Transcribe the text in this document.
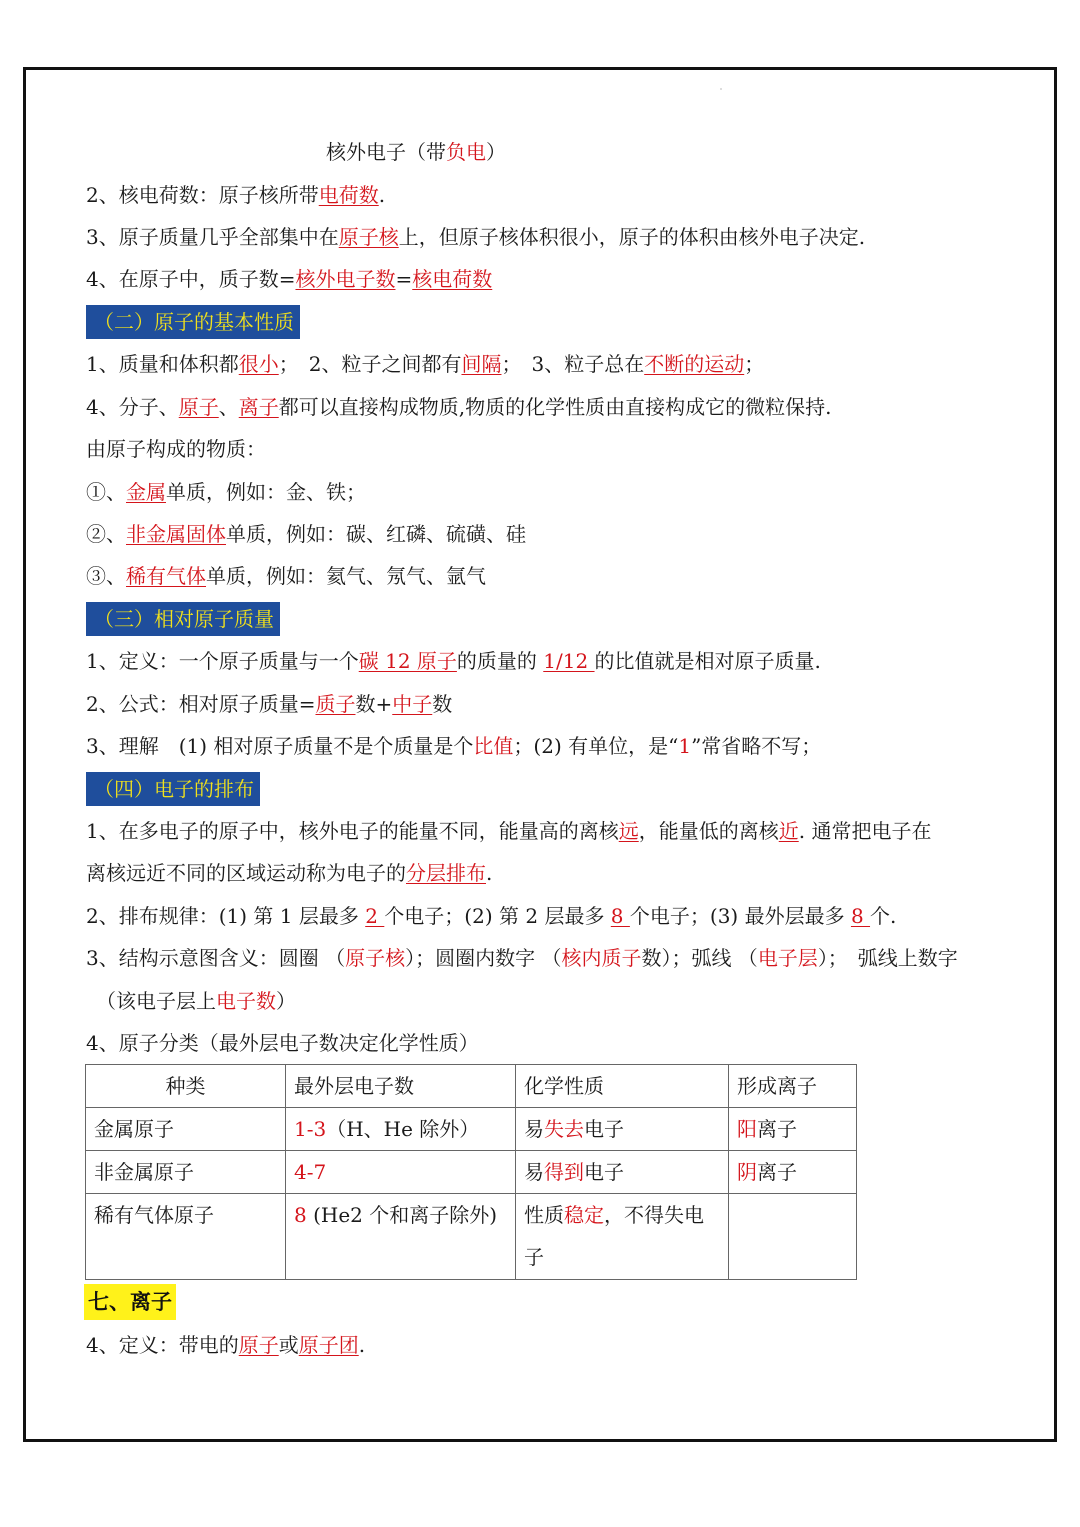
核外电子（带负电）
2、核电荷数：原子核所带电荷数.
3、原子质量几乎全部集中在原子核上，但原子核体积很小，原子的体积由核外电子决定.
4、在原子中，质子数=核外电子数=核电荷数
（二）原子的基本性质
1、质量和体积都很小；　2、粒子之间都有间隔；　3、粒子总在不断的运动；
4、分子、原子、离子都可以直接构成物质,物质的化学性质由直接构成它的微粒保持.
由原子构成的物质：
①、金属单质，例如：金、铁；
②、非金属固体单质，例如：碳、红磷、硫磺、硅
③、稀有气体单质，例如：氦气、氖气、氩气
（三）相对原子质量
1、定义：一个原子质量与一个碳 12 原子的质量的 1/12 的比值就是相对原子质量.
2、公式：相对原子质量=质子数+中子数
3、理解　(1) 相对原子质量不是个质量是个比值；(2) 有单位，是“1”常省略不写；
（四）电子的排布
1、在多电子的原子中，核外电子的能量不同，能量高的离核远，能量低的离核近. 通常把电子在
离核远近不同的区域运动称为电子的分层排布.
2、排布规律：(1) 第 1 层最多 2 个电子；(2) 第 2 层最多 8 个电子；(3) 最外层最多 8 个.
3、结构示意图含义：圆圈 （原子核）；圆圈内数字 （核内质子数）；弧线 （电子层）；　弧线上数字
（该电子层上电子数）
4、原子分类（最外层电子数决定化学性质）
种类	最外层电子数	化学性质	形成离子
金属原子	1-3（H、He 除外）	易失去电子	阳离子
非金属原子	4-7	易得到电子	阴离子
稀有气体原子	8 (He2 个和离子除外)	性质稳定，不得失电
子	
七、离子
4、定义：带电的原子或原子团.
